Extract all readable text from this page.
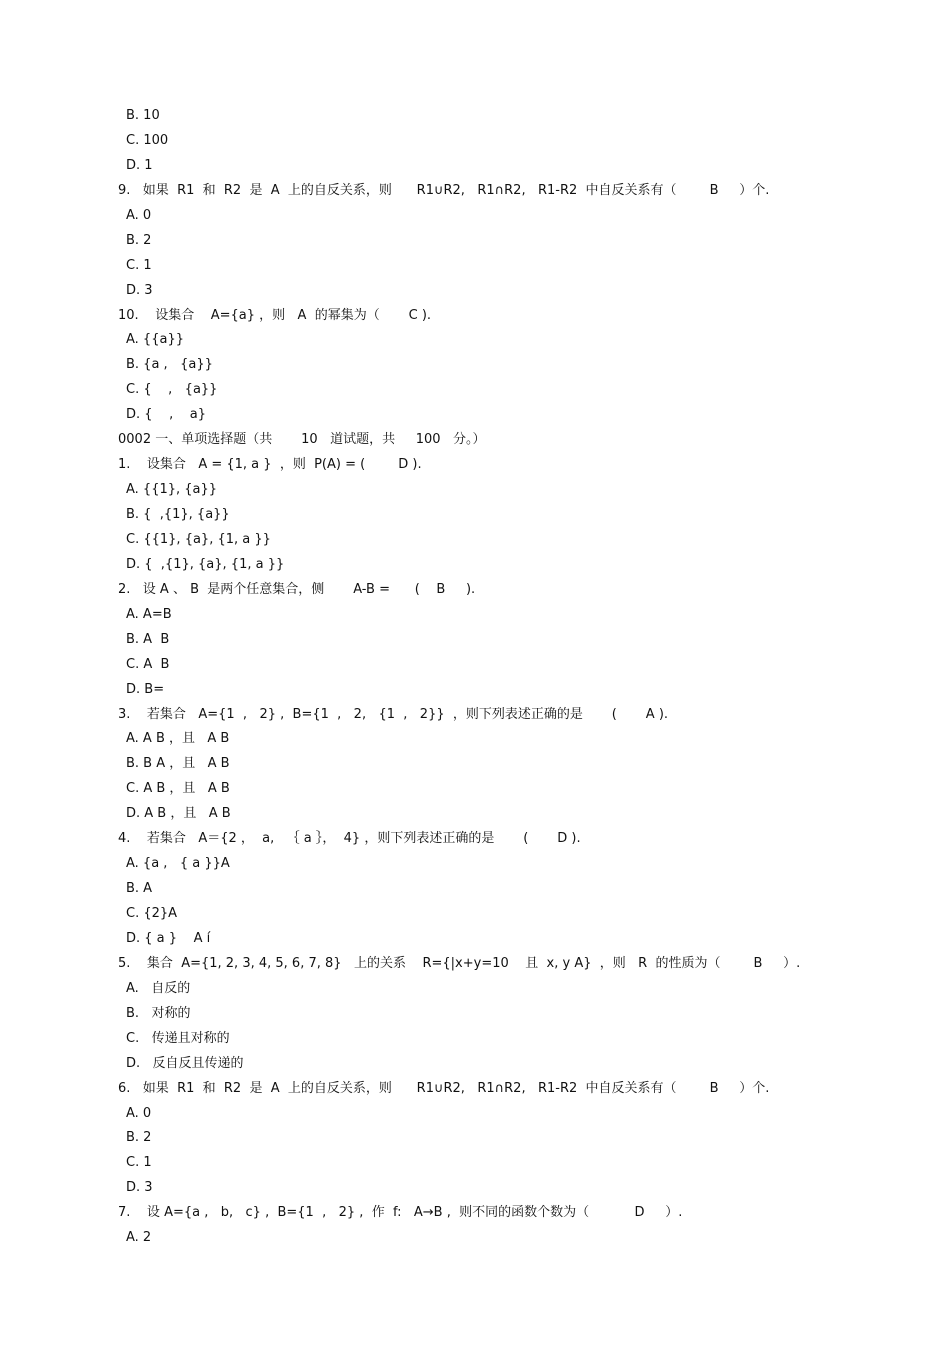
B. 10
C. 100
D. 1
9.   如果  R1  和  R2  是  A  上的自反关系，则      R1∪R2,   R1∩R2,   R1-R2  中自反关系有（        B     ）个.
A. 0
B. 2
C. 1
D. 3
10.    设集合    A={a} ，则   A  的幂集为（       C ).
A. {{a}}
B. {a ,   {a}}
C. {    ,   {a}}
D. {    ,    a}
0002 一、单项选择题（共       10   道试题，共     100   分。）
1.    设集合   A = {1, a }  ，则  P(A) = (        D ).
A. {{1}, {a}}
B. {  ,{1}, {a}}
C. {{1}, {a}, {1, a }}
D. {  ,{1}, {a}, {1, a }}
2.   设 A 、 B  是两个任意集合，侧       A-B =      (    B     ).
A. A=B
B. A  B
C. A  B
D. B=
3.    若集合   A={1  ,   2} ,  B={1  ,   2,   {1  ,   2}}  ，则下列表述正确的是       (       A ).
A. A B ，且   A B
B. B A ，且   A B
C. A B ，且   A B
D. A B ，且   A B
4.    若集合   A＝{2 ，  a,   ｛ a ｝，  4} ，则下列表述正确的是       (       D ).
A. {a ,   { a }}A
B. A
C. {2}A
D. { a }    A í
5.    集合  A={1, 2, 3, 4, 5, 6, 7, 8}   上的关系    R={|x+y=10    且  x, y A}  ，则   R  的性质为（        B     ）.
A.   自反的
B.   对称的
C.   传递且对称的
D.   反自反且传递的
6.   如果  R1  和  R2  是  A  上的自反关系，则      R1∪R2,   R1∩R2,   R1-R2  中自反关系有（        B     ）个.
A. 0
B. 2
C. 1
D. 3
7.    设 A={a ,   b,   c} ,  B={1  ,   2} ,  作  f:   A→B ,  则不同的函数个数为（           D     ）.
A. 2
